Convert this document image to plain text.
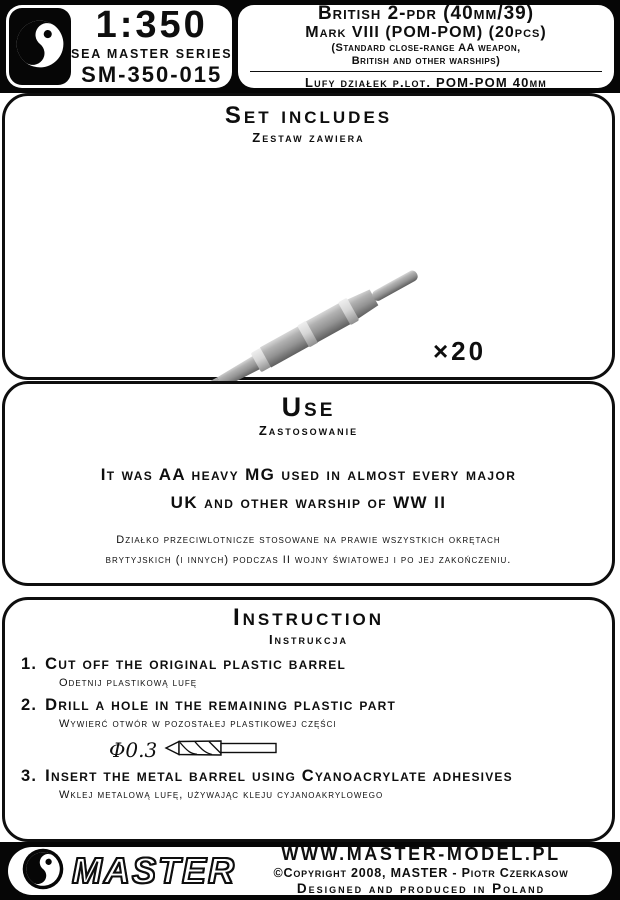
1:350
SEA MASTER SERIES
SM-350-015
British 2-pdr (40mm/39)
Mark VIII (POM-POM) (20pcs)
(Standard close-range AA weapon,
British and other warships)
Lufy działek p.lot. POM-POM 40mm
Set includes
Zestaw zawiera
×20
Use
Zastosowanie
It was AA heavy MG used in almost every major
UK and other warship of WW II
Działko przeciwlotnicze stosowane na prawie wszystkich okrętach
brytyjskich (i innych) podczas II wojny światowej i po jej zakończeniu.
Instruction
Instrukcja
1. Cut off the original plastic barrel
Odetnij plastikową lufę
2. Drill a hole in the remaining plastic part
Wywierć otwór w pozostałej plastikowej części
Φ0.3
3. Insert the metal barrel using Cyanoacrylate adhesives
Wklej metalową lufę, używając kleju cyjanoakrylowego
MASTER	WWW.MASTER-MODEL.PL
©Copyright 2008, MASTER - Piotr Czerkasow
Designed and produced in Poland
